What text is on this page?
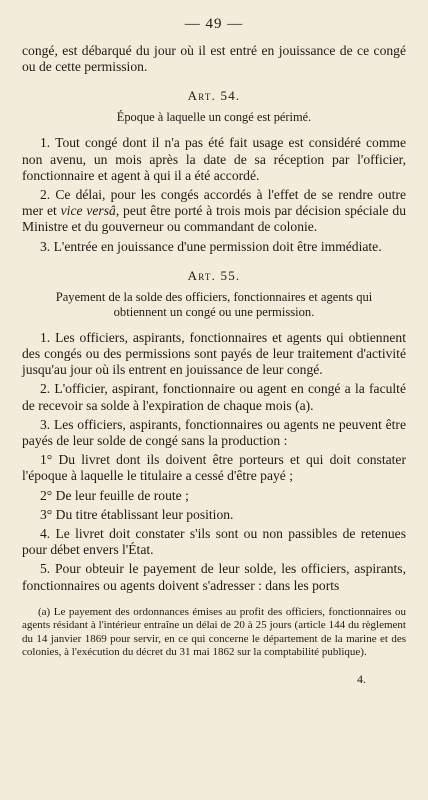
— 49 —

congé, est débarqué du jour où il est entré en jouissance de ce congé ou de cette permission.

Art. 54.
Époque à laquelle un congé est périmé.

1. Tout congé dont il n'a pas été fait usage est considéré comme non avenu, un mois après la date de sa réception par l'officier, fonctionnaire et agent à qui il a été accordé.

2. Ce délai, pour les congés accordés à l'effet de se rendre outre mer et vice versâ, peut être porté à trois mois par décision spéciale du Ministre et du gouverneur ou commandant de colonie.

3. L'entrée en jouissance d'une permission doit être immédiate.

Art. 55.
Payement de la solde des officiers, fonctionnaires et agents qui
obtiennent un congé ou une permission.

1. Les officiers, aspirants, fonctionnaires et agents qui obtiennent des congés ou des permissions sont payés de leur traitement d'activité jusqu'au jour où ils entrent en jouissance de leur congé.

2. L'officier, aspirant, fonctionnaire ou agent en congé a la faculté de recevoir sa solde à l'expiration de chaque mois (a).

3. Les officiers, aspirants, fonctionnaires ou agents ne peuvent être payés de leur solde de congé sans la production :

1° Du livret dont ils doivent être porteurs et qui doit constater l'époque à laquelle le titulaire a cessé d'être payé ;

2° De leur feuille de route ;

3° Du titre établissant leur position.

4. Le livret doit constater s'ils sont ou non passibles de retenues pour débet envers l'État.

5. Pour obteuir le payement de leur solde, les officiers, aspirants, fonctionnaires ou agents doivent s'adresser : dans les ports

(a) Le payement des ordonnances émises au profit des officiers, fonctionnaires ou agents résidant à l'intérieur entraîne un délai de 20 à 25 jours (article 144 du règlement du 14 janvier 1869 pour servir, en ce qui concerne le département de la marine et des colonies, à l'exécution du décret du 31 mai 1862 sur la comptabilité publique).

4.
